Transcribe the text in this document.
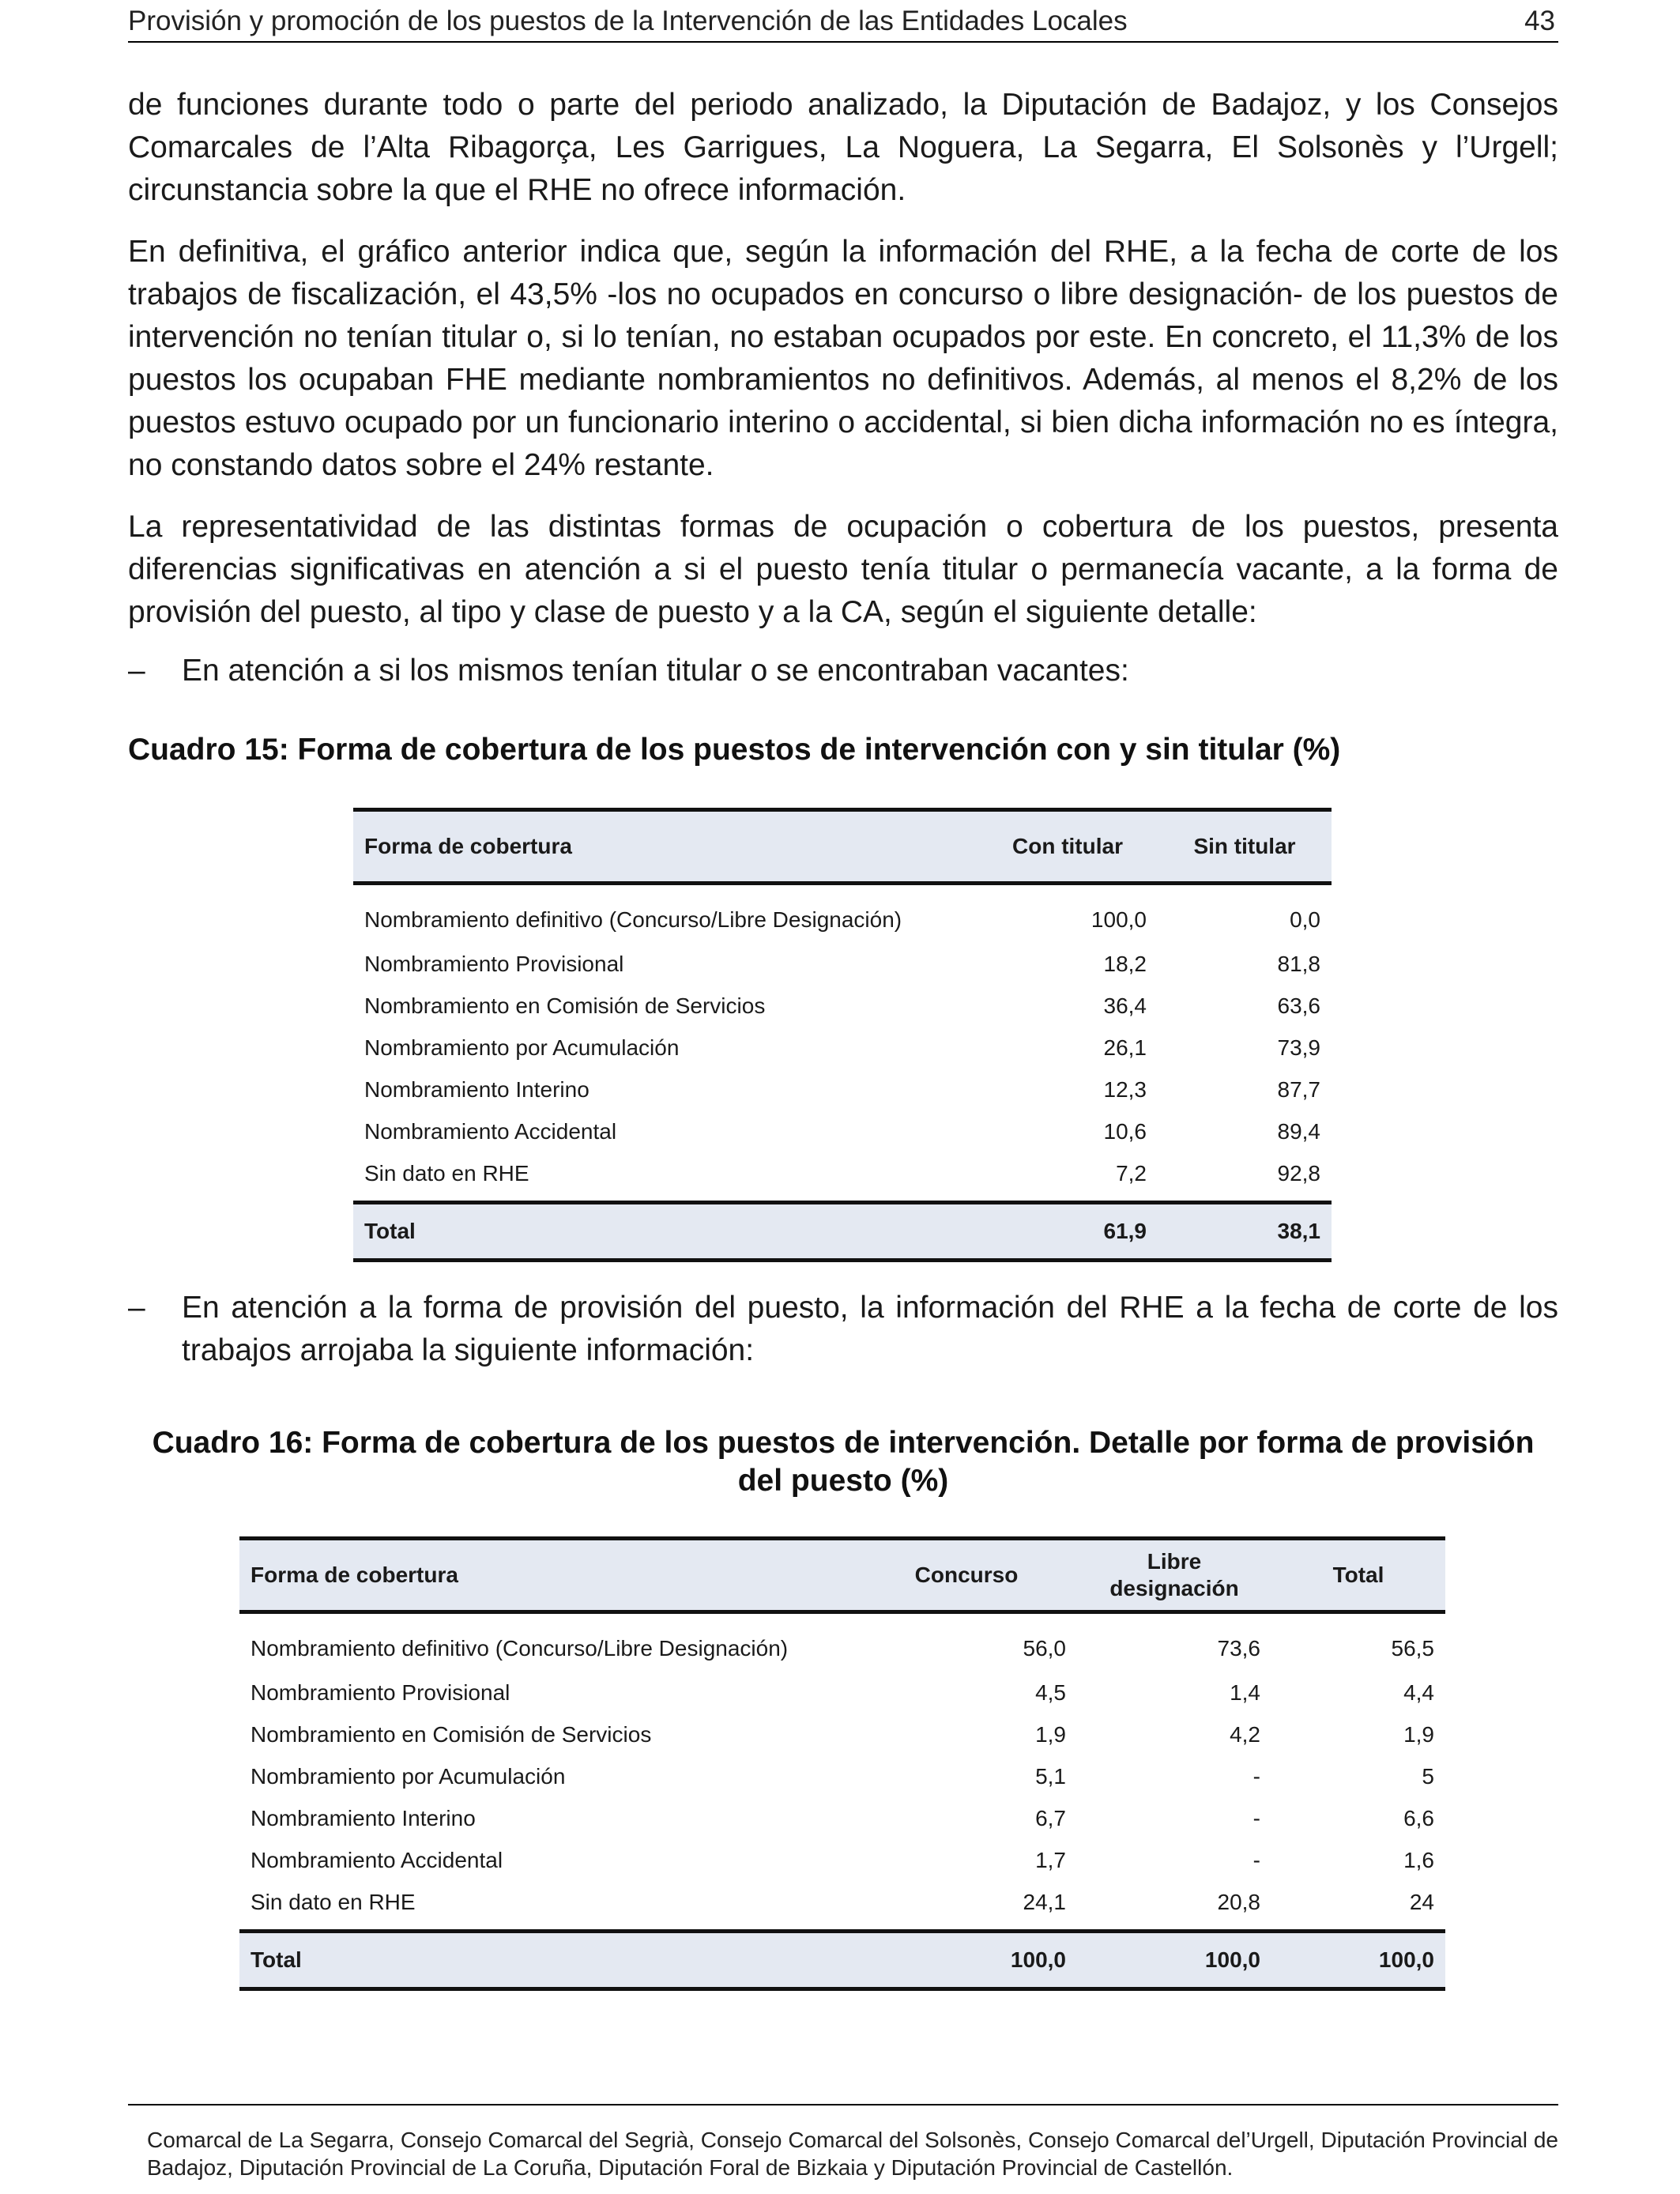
Provisión y promoción de los puestos de la Intervención de las Entidades Locales	43

de funciones durante todo o parte del periodo analizado, la Diputación de Badajoz, y los Consejos Comarcales de l’Alta Ribagorça, Les Garrigues, La Noguera, La Segarra, El Solsonès y l’Urgell; circunstancia sobre la que el RHE no ofrece información.

En definitiva, el gráfico anterior indica que, según la información del RHE, a la fecha de corte de los trabajos de fiscalización, el 43,5% -los no ocupados en concurso o libre designación- de los puestos de intervención no tenían titular o, si lo tenían, no estaban ocupados por este. En concreto, el 11,3% de los puestos los ocupaban FHE mediante nombramientos no definitivos. Además, al menos el 8,2% de los puestos estuvo ocupado por un funcionario interino o accidental, si bien dicha información no es íntegra, no constando datos sobre el 24% restante.

La representatividad de las distintas formas de ocupación o cobertura de los puestos, presenta diferencias significativas en atención a si el puesto tenía titular o permanecía vacante, a la forma de provisión del puesto, al tipo y clase de puesto y a la CA, según el siguiente detalle:

–	En atención a si los mismos tenían titular o se encontraban vacantes:
Cuadro 15: Forma de cobertura de los puestos de intervención con y sin titular (%)
Forma de cobertura	Con titular	Sin titular
Nombramiento definitivo (Concurso/Libre Designación)	100,0	0,0
Nombramiento Provisional	18,2	81,8
Nombramiento en Comisión de Servicios	36,4	63,6
Nombramiento por Acumulación	26,1	73,9
Nombramiento Interino	12,3	87,7
Nombramiento Accidental	10,6	89,4
Sin dato en RHE	7,2	92,8
Total	61,9	38,1
–	En atención a la forma de provisión del puesto, la información del RHE a la fecha de corte de los trabajos arrojaba la siguiente información:
Cuadro 16: Forma de cobertura de los puestos de intervención. Detalle por forma de provisión del puesto (%)
Forma de cobertura	Concurso	Libre designación	Total
Nombramiento definitivo (Concurso/Libre Designación)	56,0	73,6	56,5
Nombramiento Provisional	4,5	1,4	4,4
Nombramiento en Comisión de Servicios	1,9	4,2	1,9
Nombramiento por Acumulación	5,1	-	5
Nombramiento Interino	6,7	-	6,6
Nombramiento Accidental	1,7	-	1,6
Sin dato en RHE	24,1	20,8	24
Total	100,0	100,0	100,0

Comarcal de La Segarra, Consejo Comarcal del Segrià, Consejo Comarcal del Solsonès, Consejo Comarcal del’Urgell, Diputación Provincial de Badajoz, Diputación Provincial de La Coruña, Diputación Foral de Bizkaia y Diputación Provincial de Castellón.
